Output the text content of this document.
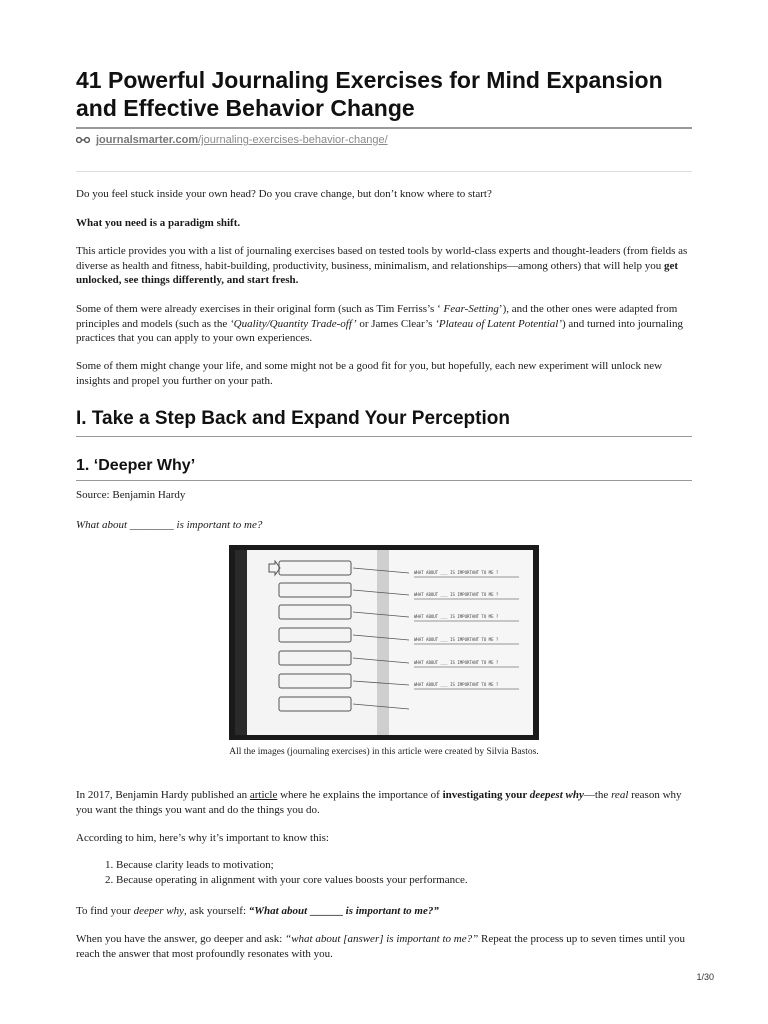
41 Powerful Journaling Exercises for Mind Expansion and Effective Behavior Change
journalsmarter.com/journaling-exercises-behavior-change/

Do you feel stuck inside your own head? Do you crave change, but don’t know where to start?

What you need is a paradigm shift.

This article provides you with a list of journaling exercises based on tested tools by world-class experts and thought-leaders (from fields as diverse as health and fitness, habit-building, productivity, business, minimalism, and relationships—among others) that will help you get unlocked, see things differently, and start fresh.

Some of them were already exercises in their original form (such as Tim Ferriss’s ‘ Fear-Setting’), and the other ones were adapted from principles and models (such as the ‘Quality/Quantity Trade-off’ or James Clear’s ‘Plateau of Latent Potential’) and turned into journaling practices that you can apply to your own experiences.

Some of them might change your life, and some might not be a good fit for you, but hopefully, each new experiment will unlock new insights and propel you further on your path.

I. Take a Step Back and Expand Your Perception
1. ‘Deeper Why’

Source: Benjamin Hardy

What about ________ is important to me?

WHAT ABOUT ___ IS IMPORTANT TO ME ?
WHAT ABOUT ___ IS IMPORTANT TO ME ?
WHAT ABOUT ___ IS IMPORTANT TO ME ?
WHAT ABOUT ___ IS IMPORTANT TO ME ?
WHAT ABOUT ___ IS IMPORTANT TO ME ?
WHAT ABOUT ___ IS IMPORTANT TO ME ?

All the images (journaling exercises) in this article were created by Silvia Bastos.

In 2017, Benjamin Hardy published an article where he explains the importance of investigating your deepest why—the real reason why you want the things you want and do the things you do.

According to him, here’s why it’s important to know this:

1. Because clarity leads to motivation;
2. Because operating in alignment with your core values boosts your performance.

To find your deeper why, ask yourself: “What about ______ is important to me?”

When you have the answer, go deeper and ask: “what about [answer] is important to me?” Repeat the process up to seven times until you reach the answer that most profoundly resonates with you.

1/30
